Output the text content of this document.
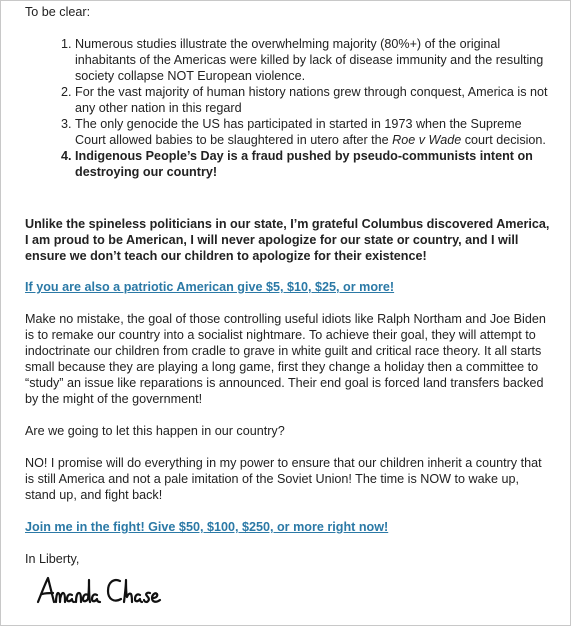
To be clear:

1. Numerous studies illustrate the overwhelming majority (80%+) of the original inhabitants of the Americas were killed by lack of disease immunity and the resulting society collapse NOT European violence.
2. For the vast majority of human history nations grew through conquest, America is not any other nation in this regard
3. The only genocide the US has participated in started in 1973 when the Supreme Court allowed babies to be slaughtered in utero after the Roe v Wade court decision.
4. Indigenous People’s Day is a fraud pushed by pseudo-communists intent on destroying our country!

Unlike the spineless politicians in our state, I’m grateful Columbus discovered America, I am proud to be American, I will never apologize for our state or country, and I will ensure we don’t teach our children to apologize for their existence!

If you are also a patriotic American give $5, $10, $25, or more!

Make no mistake, the goal of those controlling useful idiots like Ralph Northam and Joe Biden is to remake our country into a socialist nightmare. To achieve their goal, they will attempt to indoctrinate our children from cradle to grave in white guilt and critical race theory. It all starts small because they are playing a long game, first they change a holiday then a committee to “study” an issue like reparations is announced. Their end goal is forced land transfers backed by the might of the government!

Are we going to let this happen in our country?

NO! I promise will do everything in my power to ensure that our children inherit a country that is still America and not a pale imitation of the Soviet Union! The time is NOW to wake up, stand up, and fight back!

Join me in the fight! Give $50, $100, $250, or more right now!

In Liberty,
